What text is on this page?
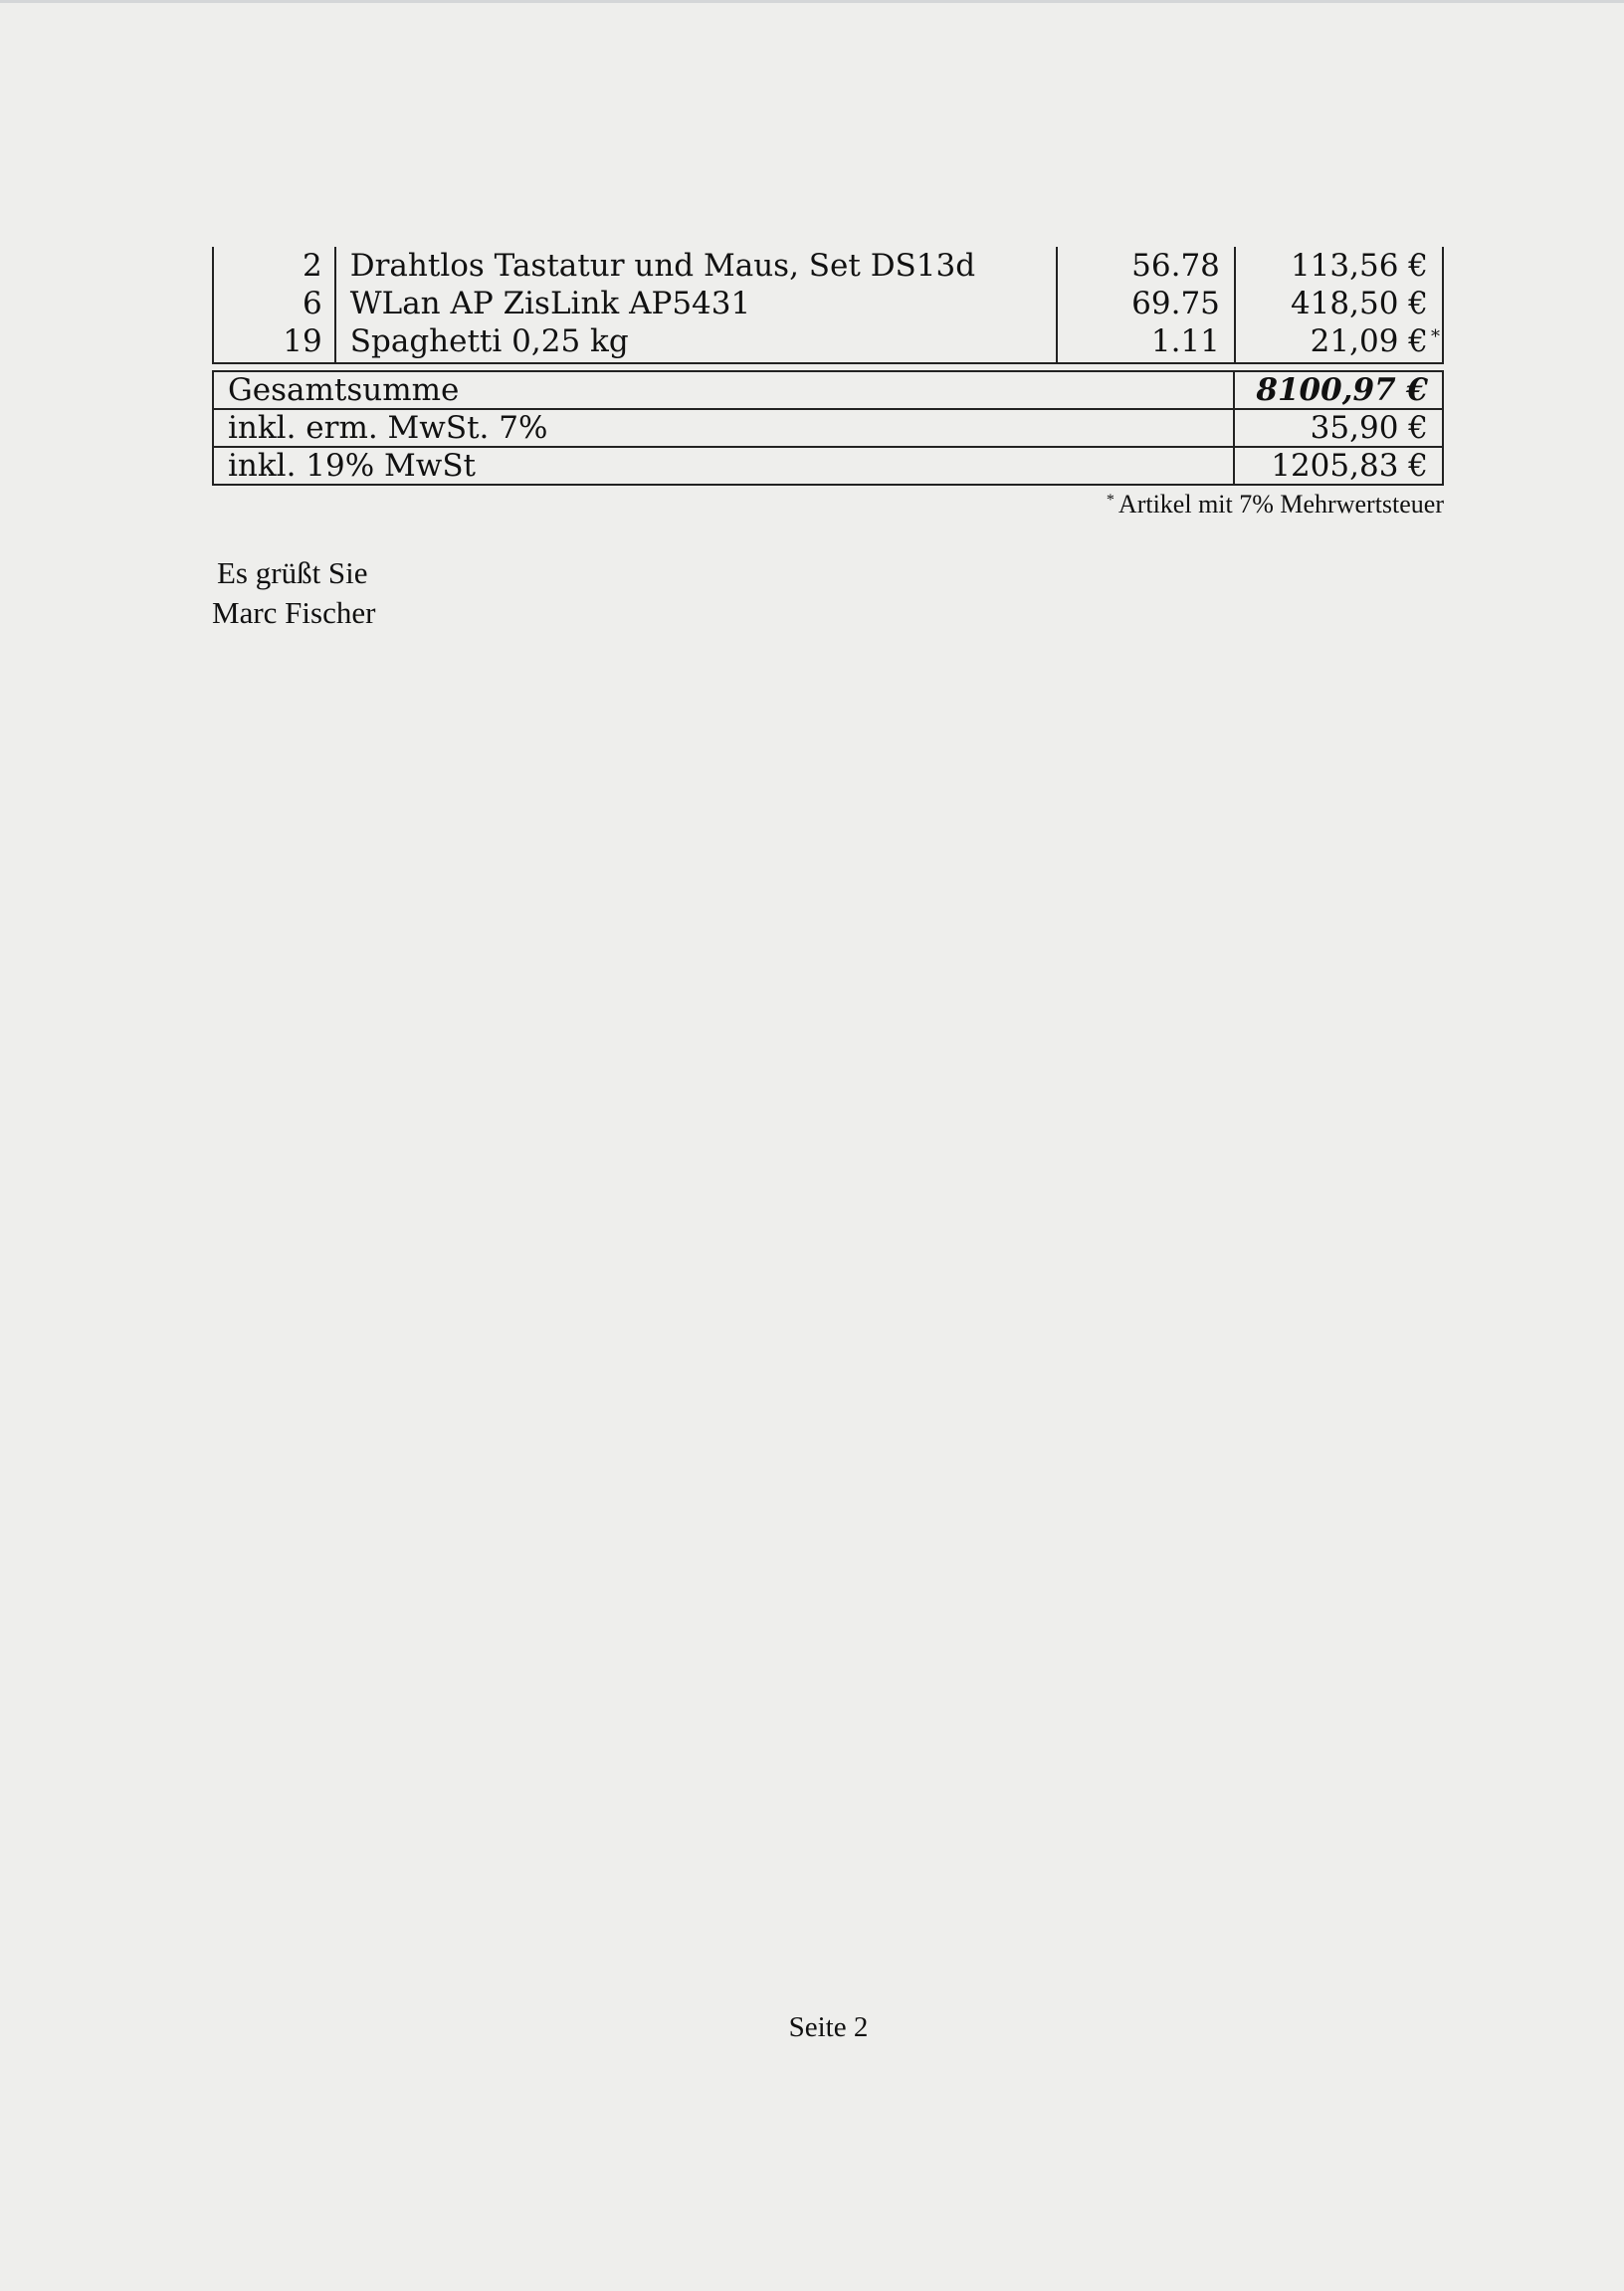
2	Drahtlos Tastatur und Maus, Set DS13d	56.78	113,56 €
6	WLan AP ZisLink AP5431	69.75	418,50 €
19	Spaghetti 0,25 kg	1.11	21,09 € *
Gesamtsumme	8100,97 €
inkl. erm. MwSt. 7%	35,90 €
inkl. 19% MwSt	1205,83 €
* Artikel mit 7% Mehrwertsteuer
Es grüßt Sie
Marc Fischer
Seite 2
